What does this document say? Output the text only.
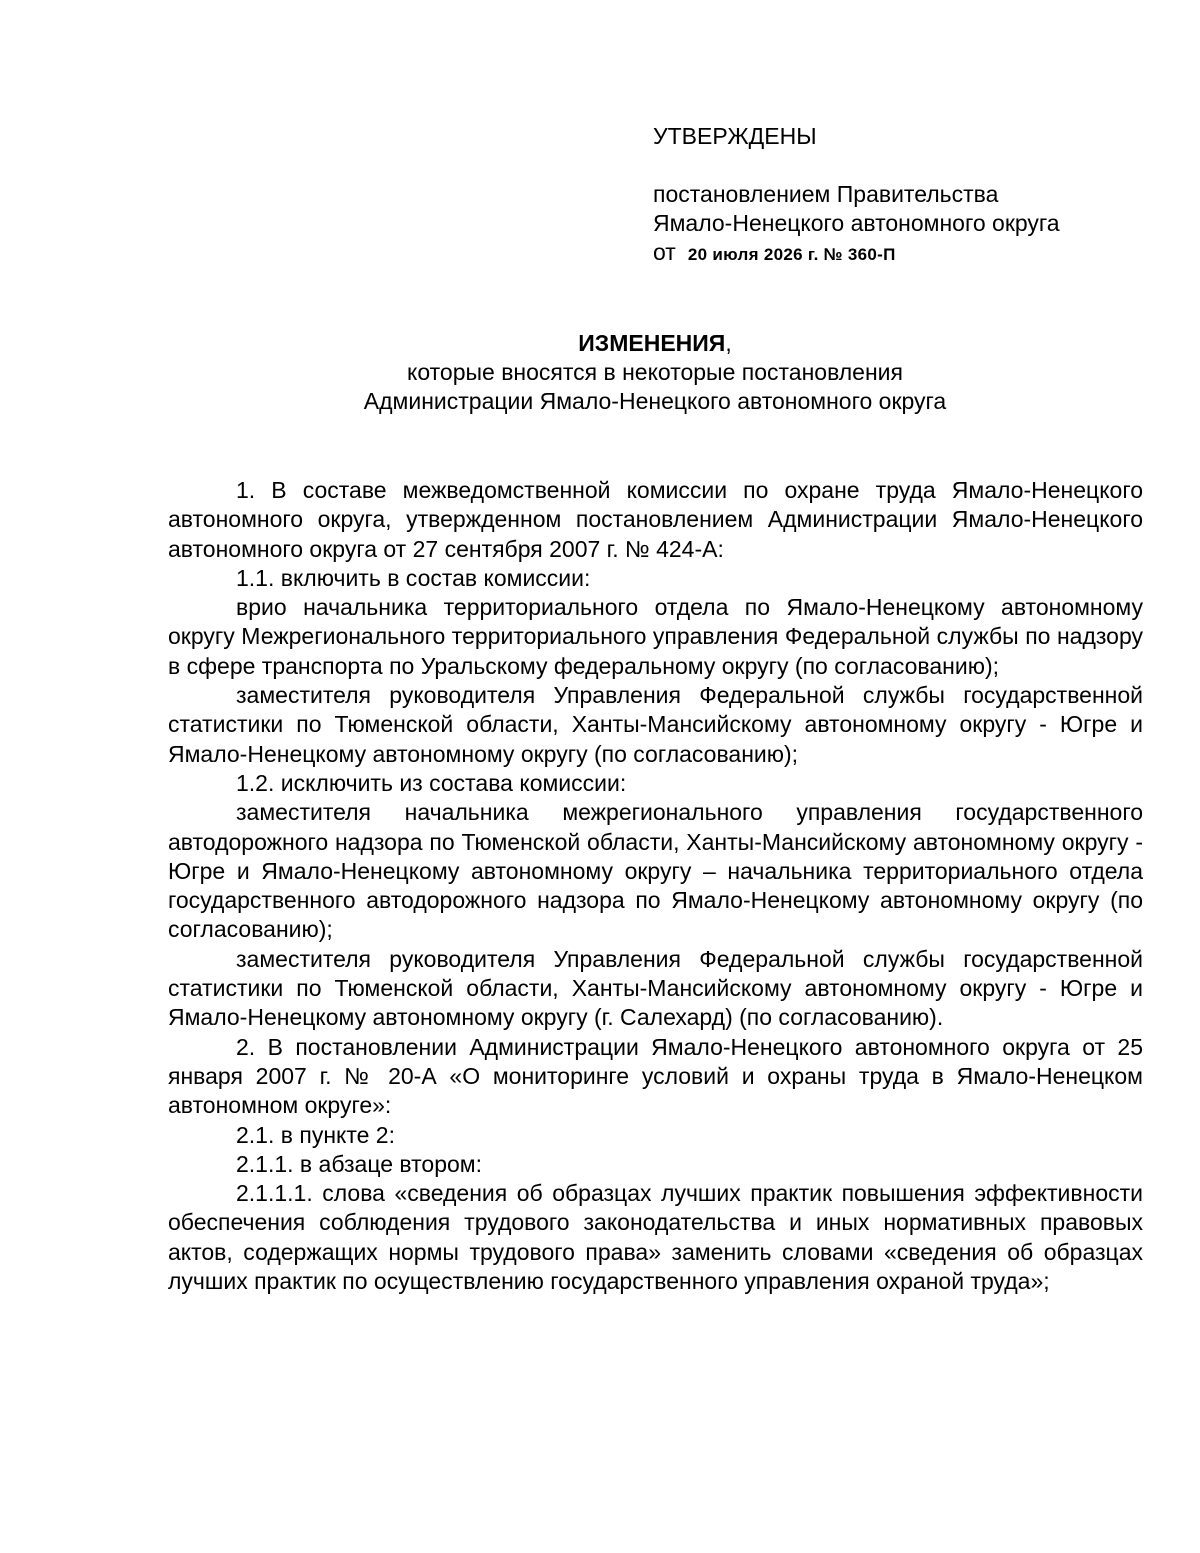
УТВЕРЖДЕНЫ

постановлением Правительства

Ямало-Ненецкого автономного округа

от 20 июля 2026 г. № 360-П

ИЗМЕНЕНИЯ,

которые вносятся в некоторые постановления

Администрации Ямало-Ненецкого автономного округа

1. В составе межведомственной комиссии по охране труда Ямало-Ненецкого автономного округа, утвержденном постановлением Администрации Ямало-Ненецкого автономного округа от 27 сентября 2007 г. № 424-А:

1.1. включить в состав комиссии:

врио начальника территориального отдела по Ямало-Ненецкому автономному округу Межрегионального территориального управления Федеральной службы по надзору в сфере транспорта по Уральскому федеральному округу (по согласованию);

заместителя руководителя Управления Федеральной службы государственной статистики по Тюменской области, Ханты-Мансийскому автономному округу - Югре и Ямало-Ненецкому автономному округу (по согласованию);

1.2. исключить из состава комиссии:

заместителя начальника межрегионального управления государственного автодорожного надзора по Тюменской области, Ханты-Мансийскому автономному округу - Югре и Ямало-Ненецкому автономному округу – начальника территориального отдела государственного автодорожного надзора по Ямало-Ненецкому автономному округу (по согласованию);

заместителя руководителя Управления Федеральной службы государственной статистики по Тюменской области, Ханты-Мансийскому автономному округу - Югре и Ямало-Ненецкому автономному округу (г. Салехард) (по согласованию).

2. В постановлении Администрации Ямало-Ненецкого автономного округа от 25 января 2007 г. № 20-А «О мониторинге условий и охраны труда в Ямало-Ненецком автономном округе»:

2.1. в пункте 2:

2.1.1. в абзаце втором:

2.1.1.1. слова «сведения об образцах лучших практик повышения эффективности обеспечения соблюдения трудового законодательства и иных нормативных правовых актов, содержащих нормы трудового права» заменить словами «сведения об образцах лучших практик по осуществлению государственного управления охраной труда»;
